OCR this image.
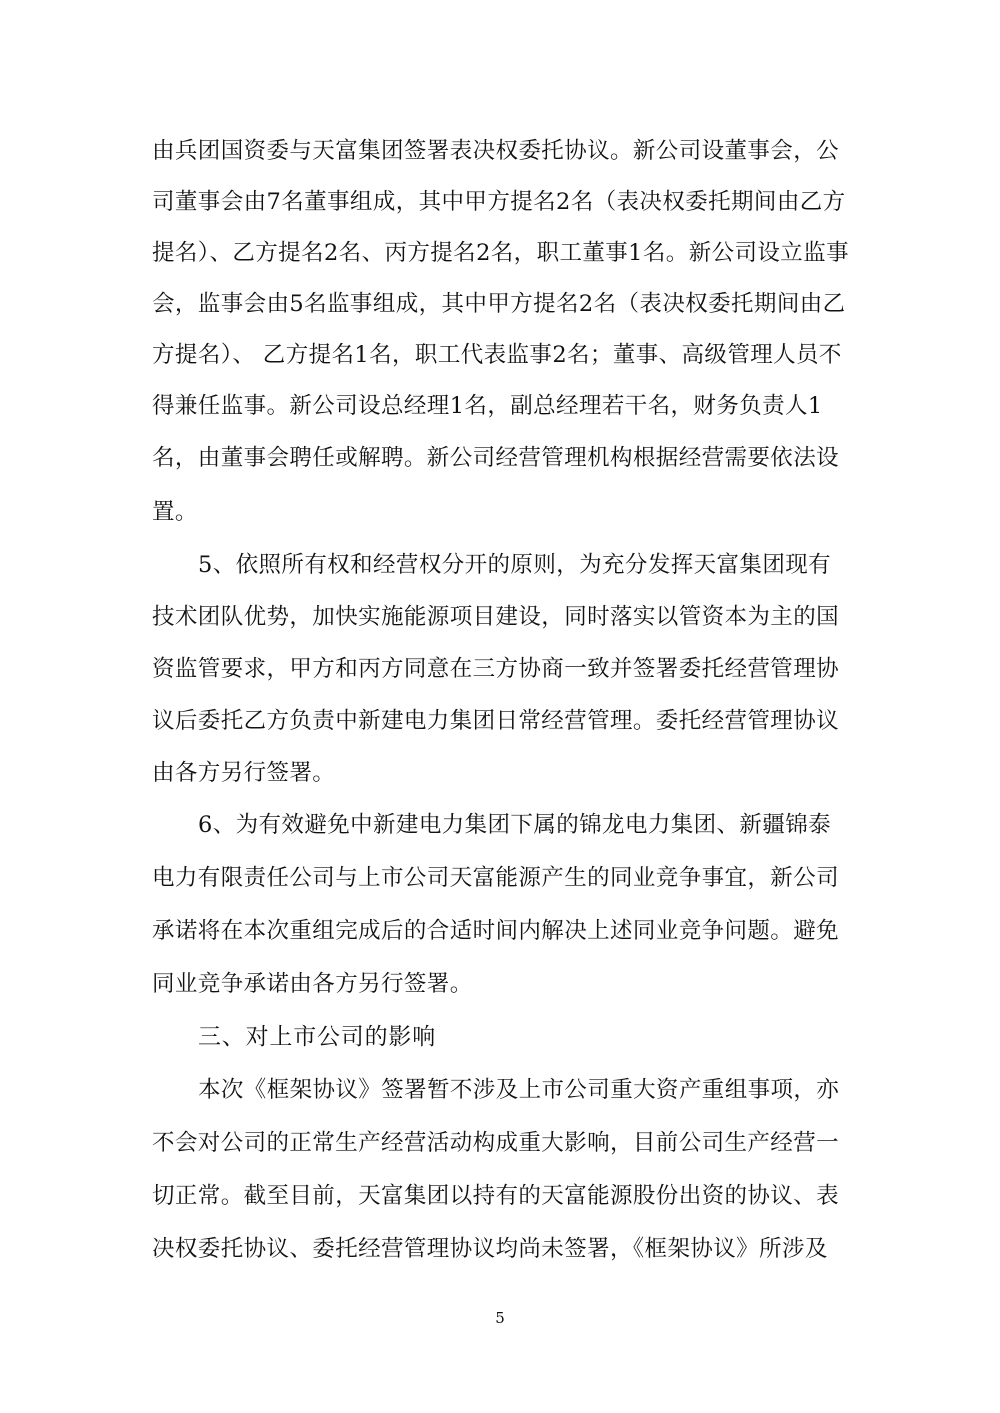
由兵团国资委与天富集团签署表决权委托协议。新公司设董事会，公
司董事会由7名董事组成，其中甲方提名2名（表决权委托期间由乙方
提名）、乙方提名2名、丙方提名2名，职工董事1名。新公司设立监事
会，监事会由5名监事组成，其中甲方提名2名（表决权委托期间由乙
方提名）、 乙方提名1名，职工代表监事2名；董事、高级管理人员不
得兼任监事。新公司设总经理1名，副总经理若干名，财务负责人1
名，由董事会聘任或解聘。新公司经营管理机构根据经营需要依法设
置。
5、依照所有权和经营权分开的原则，为充分发挥天富集团现有
技术团队优势，加快实施能源项目建设，同时落实以管资本为主的国
资监管要求，甲方和丙方同意在三方协商一致并签署委托经营管理协
议后委托乙方负责中新建电力集团日常经营管理。委托经营管理协议
由各方另行签署。
6、为有效避免中新建电力集团下属的锦龙电力集团、新疆锦泰
电力有限责任公司与上市公司天富能源产生的同业竞争事宜，新公司
承诺将在本次重组完成后的合适时间内解决上述同业竞争问题。避免
同业竞争承诺由各方另行签署。
三、对上市公司的影响
本次《框架协议》签署暂不涉及上市公司重大资产重组事项，亦
不会对公司的正常生产经营活动构成重大影响，目前公司生产经营一
切正常。截至目前，天富集团以持有的天富能源股份出资的协议、表
决权委托协议、委托经营管理协议均尚未签署，《框架协议》所涉及
5
